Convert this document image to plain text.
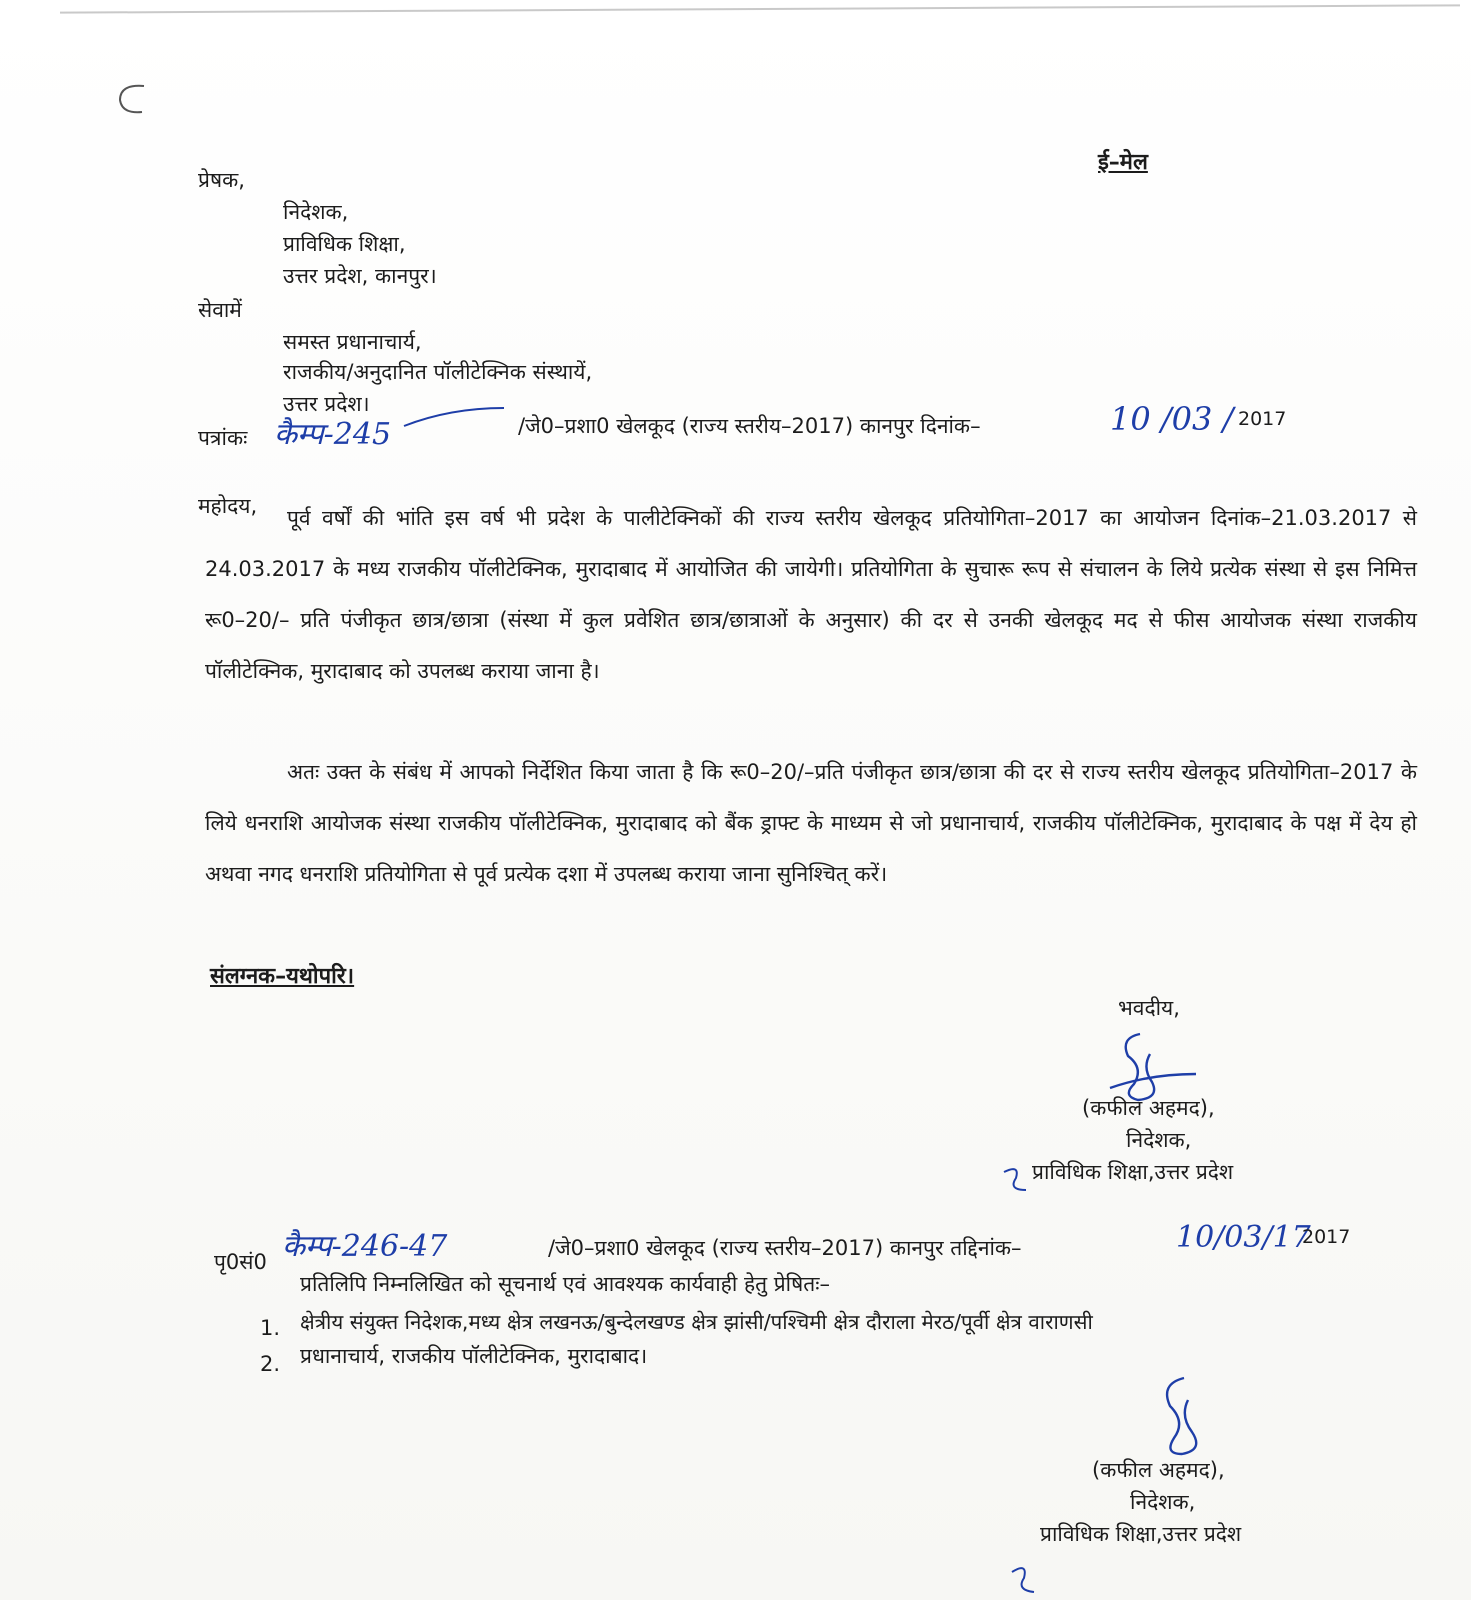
ई–मेल
प्रेषक,
निदेशक,
प्राविधिक शिक्षा,
उत्तर प्रदेश, कानपुर।
सेवामें
समस्त प्रधानाचार्य,
राजकीय/अनुदानित पॉलीटेक्निक संस्थायें,
उत्तर प्रदेश।
पत्रांकः कैम्प-245	/जे0–प्रशा0 खेलकूद (राज्य स्तरीय–2017) कानपुर दिनांक–	10 /03 / 2017
महोदय,	पूर्व वर्षों की भांति इस वर्ष भी प्रदेश के पालीटेक्निकों की राज्य स्तरीय खेलकूद प्रतियोगिता–2017 का आयोजन दिनांक–21.03.2017 से 24.03.2017 के मध्य राजकीय पॉलीटेक्निक, मुरादाबाद में आयोजित की जायेगी। प्रतियोगिता के सुचारू रूप से संचालन के लिये प्रत्येक संस्था से इस निमित्त रू0–20/– प्रति पंजीकृत छात्र/छात्रा (संस्था में कुल प्रवेशित छात्र/छात्राओं के अनुसार) की दर से उनकी खेलकूद मद से फीस आयोजक संस्था राजकीय पॉलीटेक्निक, मुरादाबाद को उपलब्ध कराया जाना है।
अतः उक्त के संबंध में आपको निर्देशित किया जाता है कि रू0–20/–प्रति पंजीकृत छात्र/छात्रा की दर से राज्य स्तरीय खेलकूद प्रतियोगिता–2017 के लिये धनराशि आयोजक संस्था राजकीय पॉलीटेक्निक, मुरादाबाद को बैंक ड्राफ्ट के माध्यम से जो प्रधानाचार्य, राजकीय पॉलीटेक्निक, मुरादाबाद के पक्ष में देय हो अथवा नगद धनराशि प्रतियोगिता से पूर्व प्रत्येक दशा में उपलब्ध कराया जाना सुनिश्चित् करें।
संलग्नक–यथोपरि।
भवदीय,
(कफील अहमद),
निदेशक,
प्राविधिक शिक्षा,उत्तर प्रदेश
पृ0सं0 कैम्प-246-47	/जे0–प्रशा0 खेलकूद (राज्य स्तरीय–2017) कानपुर तद्दिनांक–	10/03/17
2017
प्रतिलिपि निम्नलिखित को सूचनार्थ एवं आवश्यक कार्यवाही हेतु प्रेषितः–
1. क्षेत्रीय संयुक्त निदेशक,मध्य क्षेत्र लखनऊ/बुन्देलखण्ड क्षेत्र झांसी/पश्चिमी क्षेत्र दौराला मेरठ/पूर्वी क्षेत्र वाराणसी
2. प्रधानाचार्य, राजकीय पॉलीटेक्निक, मुरादाबाद।
(कफील अहमद),
निदेशक,
प्राविधिक शिक्षा,उत्तर प्रदेश
